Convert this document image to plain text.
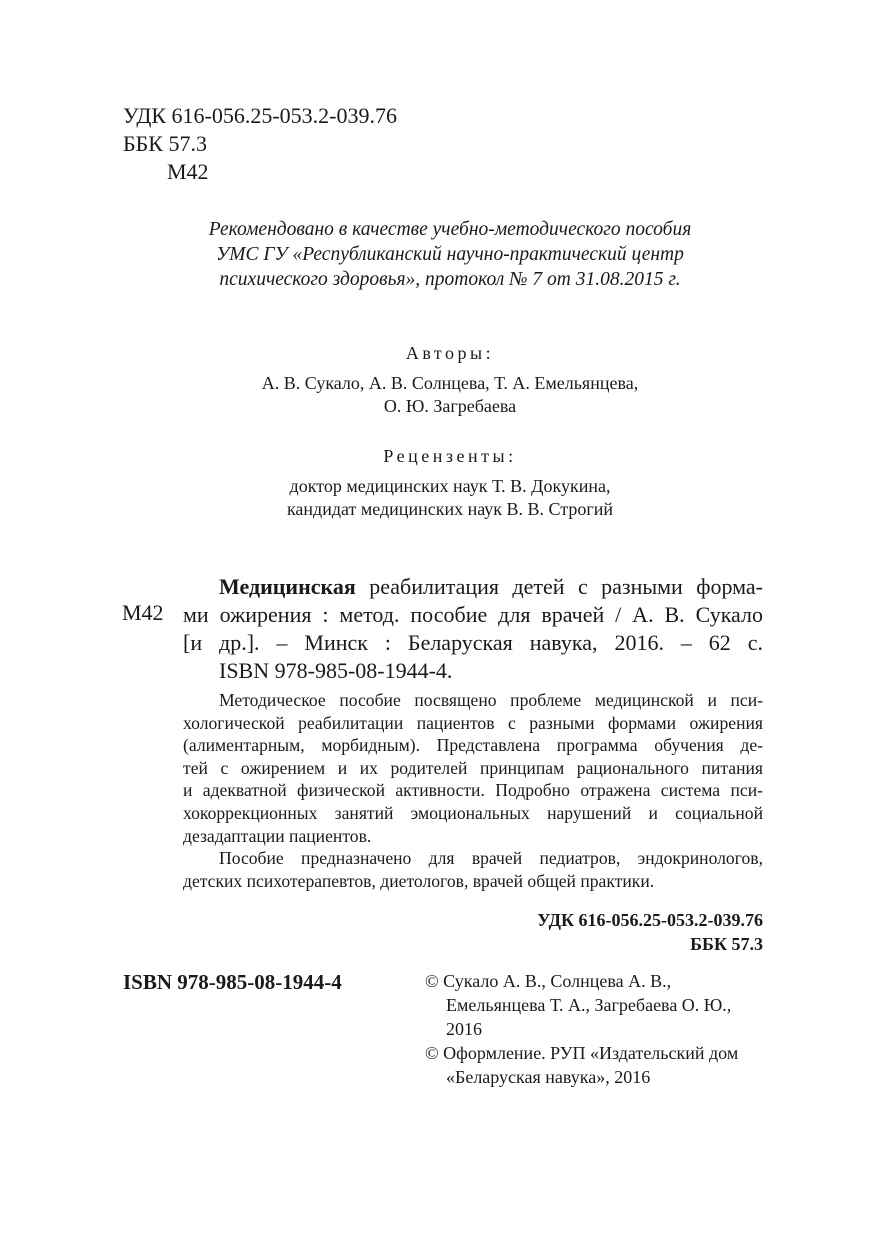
УДК 616-056.25-053.2-039.76
ББК 57.3
М42
Рекомендовано в качестве учебно-методического пособия
УМС ГУ «Республиканский научно-практический центр
психического здоровья», протокол № 7 от 31.08.2015 г.
Авторы:
А. В. Сукало, А. В. Солнцева, Т. А. Емельянцева,
О. Ю. Загребаева
Рецензенты:
доктор медицинских наук Т. В. Докукина,
кандидат медицинских наук В. В. Строгий
М42
Медицинская реабилитация детей с разными форма-
ми ожирения : метод. пособие для врачей / А. В. Сукало
[и др.]. – Минск : Беларуская навука, 2016. – 62 с.
ISBN 978-985-08-1944-4.
Методическое пособие посвящено проблеме медицинской и пси-
хологической реабилитации пациентов с разными формами ожирения
(алиментарным, морбидным). Представлена программа обучения де-
тей с ожирением и их родителей принципам рационального питания
и адекватной физической активности. Подробно отражена система пси-
хокоррекционных занятий эмоциональных нарушений и социальной
дезадаптации пациентов.
Пособие предназначено для врачей педиатров, эндокринологов,
детских психотерапевтов, диетологов, врачей общей практики.
УДК 616-056.25-053.2-039.76
ББК 57.3
ISBN 978-985-08-1944-4	© Сукало А. В., Солнцева А. В.,
Емельянцева Т. А., Загребаева О. Ю.,
2016
© Оформление. РУП «Издательский дом
«Беларуская навука», 2016
